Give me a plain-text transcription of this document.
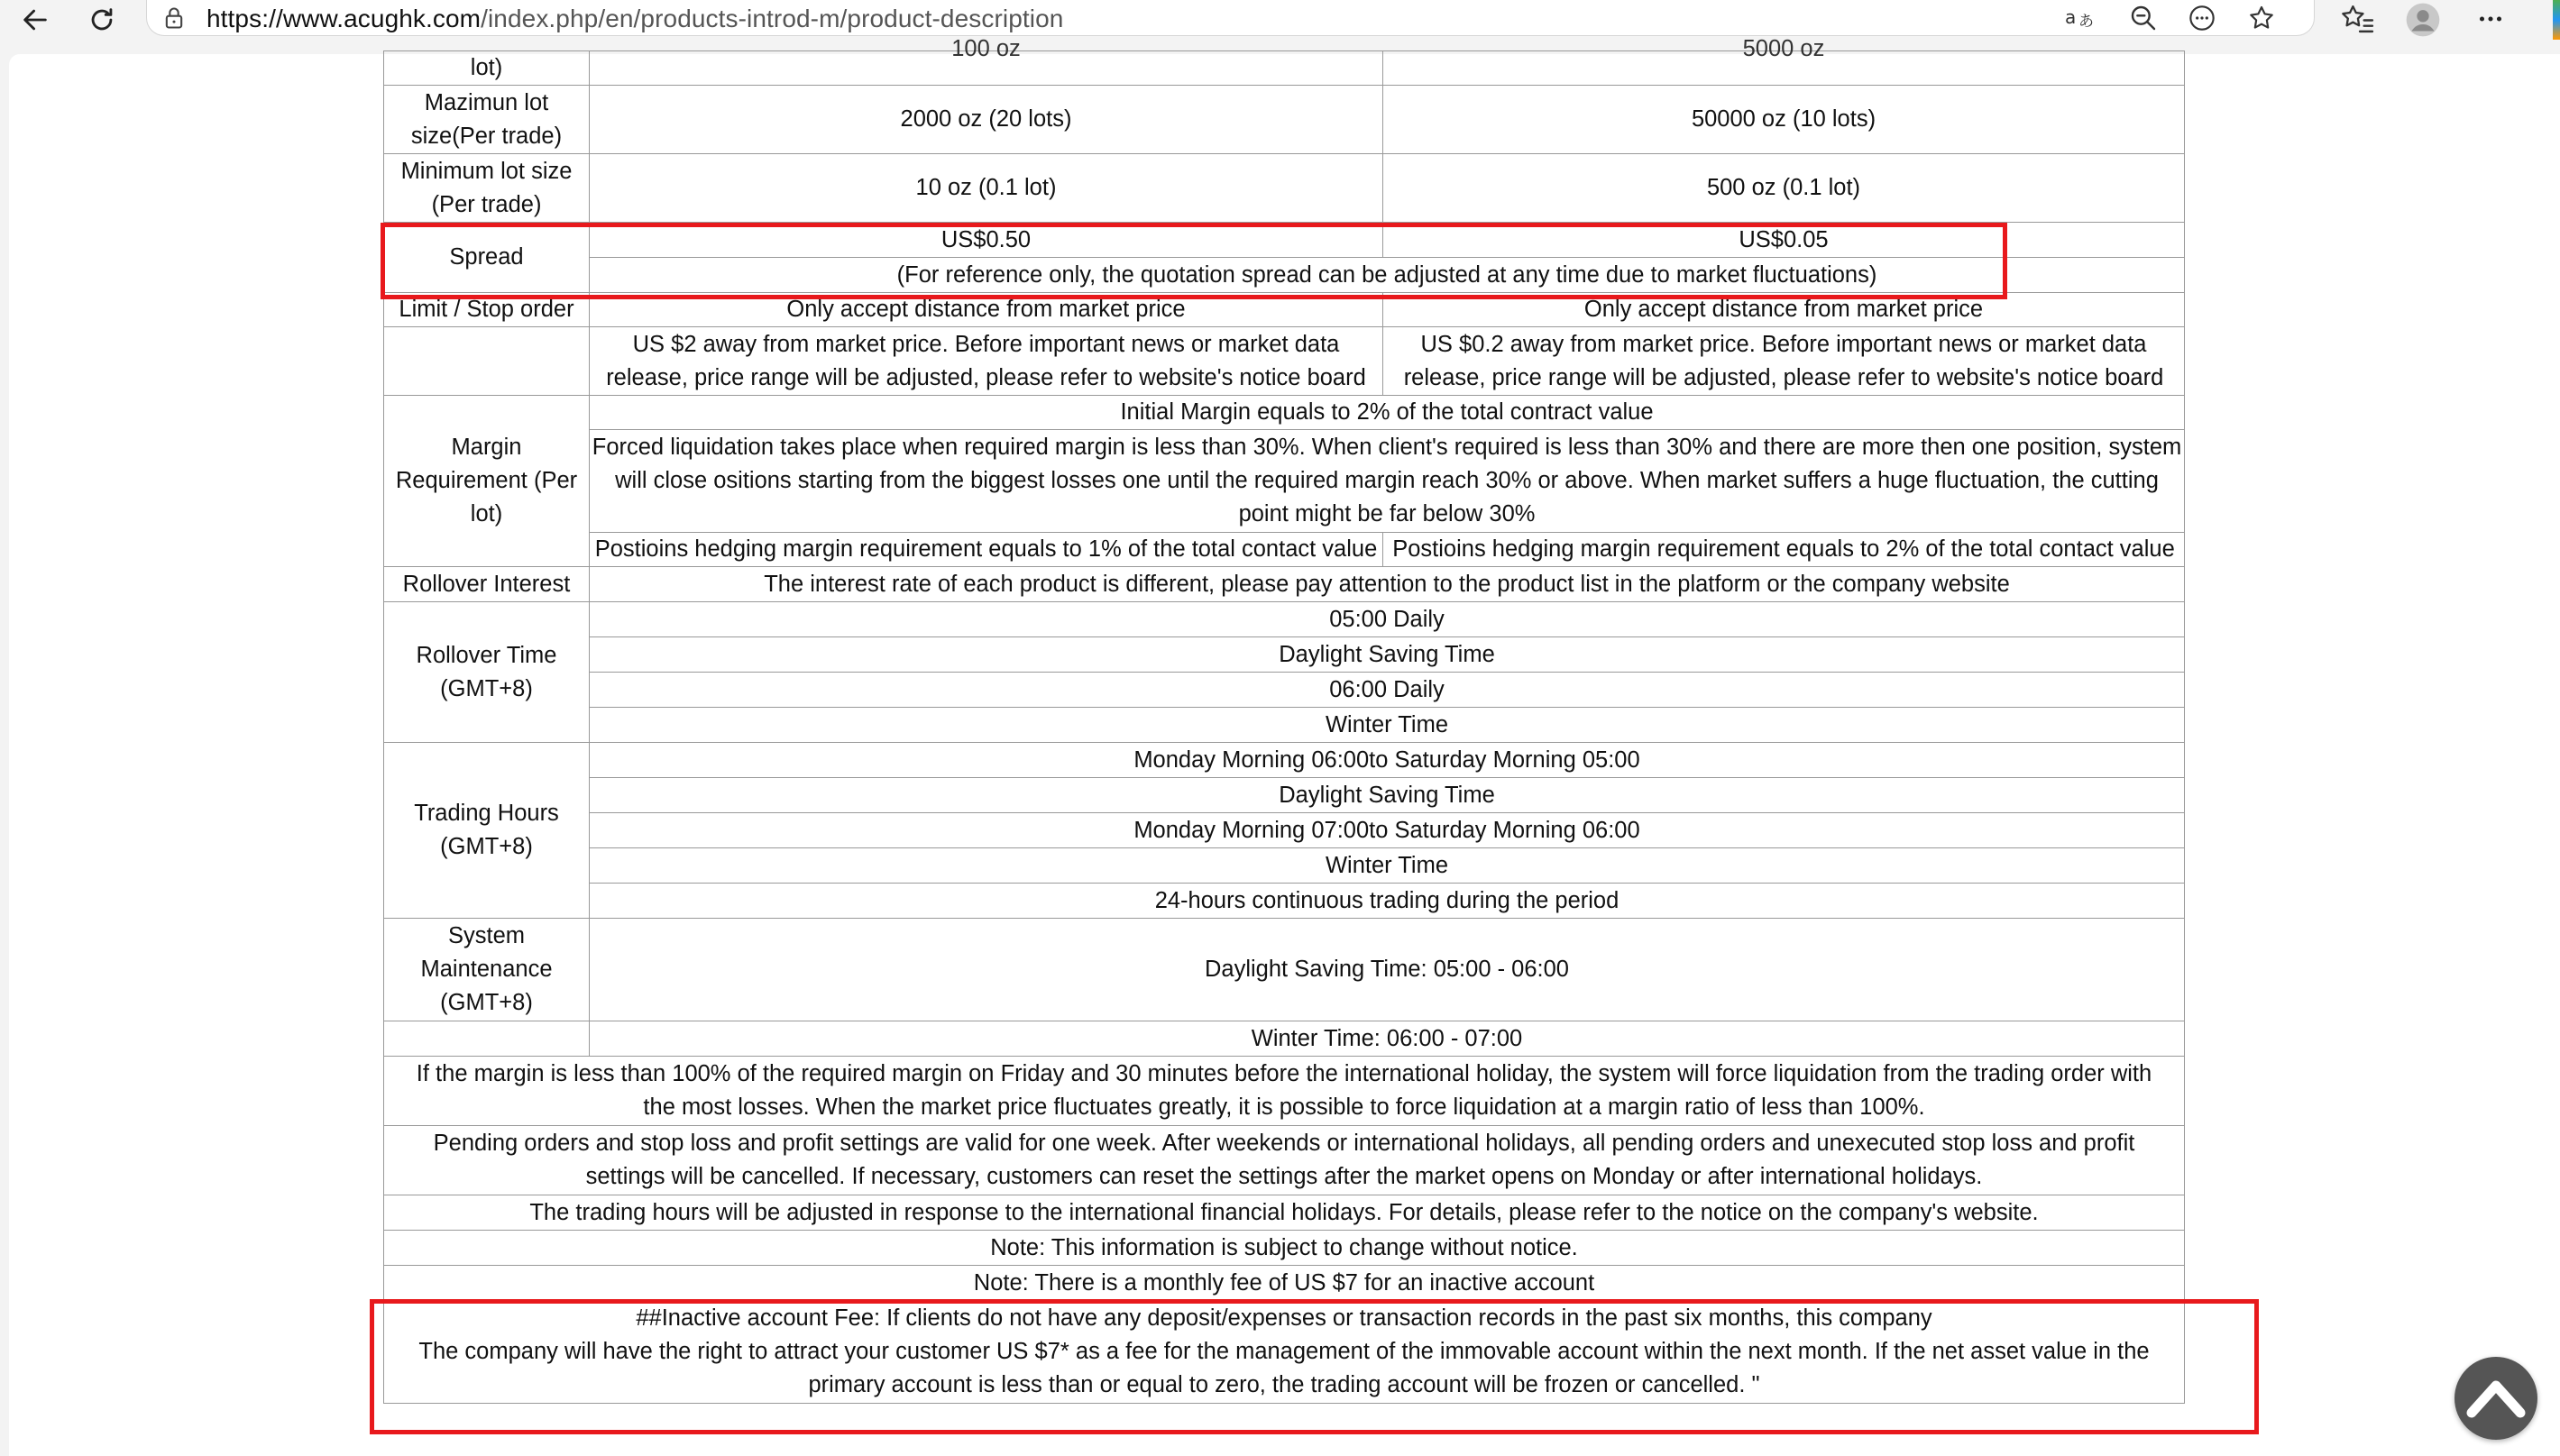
https://www.acughk.com/index.php/en/products-introd-m/product-description	a あ
lot)	100 oz	5000 oz
Mazimun lot size(Per trade)	2000 oz (20 lots)	50000 oz (10 lots)
Minimum lot size (Per trade)	10 oz (0.1 lot)	500 oz (0.1 lot)
Spread	US$0.50	US$0.05
	(For reference only, the quotation spread can be adjusted at any time due to market fluctuations)	
Limit / Stop order	Only accept distance from market price	Only accept distance from market price
	US $2 away from market price. Before important news or market data release, price range will be adjusted, please refer to website's notice board	US $0.2 away from market price. Before important news or market data release, price range will be adjusted, please refer to website's notice board
Margin Requirement (Per lot)	Initial Margin equals to 2% of the total contract value	
	Forced liquidation takes place when required margin is less than 30%. When client's required is less than 30% and there are more then one position, system will close ositions starting from the biggest losses one until the required margin reach 30% or above. When market suffers a huge fluctuation, the cutting point might be far below 30%	
	Postioins hedging margin requirement equals to 1% of the total contact value	Postioins hedging margin requirement equals to 2% of the total contact value
Rollover Interest	The interest rate of each product is different, please pay attention to the product list in the platform or the company website	
Rollover Time (GMT+8)	05:00 Daily	
	Daylight Saving Time	
	06:00 Daily	
	Winter Time	
Trading Hours (GMT+8)	Monday Morning 06:00to Saturday Morning 05:00	
	Daylight Saving Time	
	Monday Morning 07:00to Saturday Morning 06:00	
	Winter Time	
	24-hours continuous trading during the period	
System Maintenance (GMT+8)	Daylight Saving Time: 05:00 - 06:00	
	Winter Time: 06:00 - 07:00	
If the margin is less than 100% of the required margin on Friday and 30 minutes before the international holiday, the system will force liquidation from the trading order with the most losses. When the market price fluctuates greatly, it is possible to force liquidation at a margin ratio of less than 100%.		
Pending orders and stop loss and profit settings are valid for one week. After weekends or international holidays, all pending orders and unexecuted stop loss and profit settings will be cancelled. If necessary, customers can reset the settings after the market opens on Monday or after international holidays.		
The trading hours will be adjusted in response to the international financial holidays. For details, please refer to the notice on the company's website.		
Note: This information is subject to change without notice.		
Note: There is a monthly fee of US $7 for an inactive account		

##Inactive account Fee: If clients do not have any deposit/expenses or transaction records in the past six months, this company
The company will have the right to attract your customer US $7* as a fee for the management of the immovable account within the next month. If the net asset value in the primary account is less than or equal to zero, the trading account will be frozen or cancelled. "		
